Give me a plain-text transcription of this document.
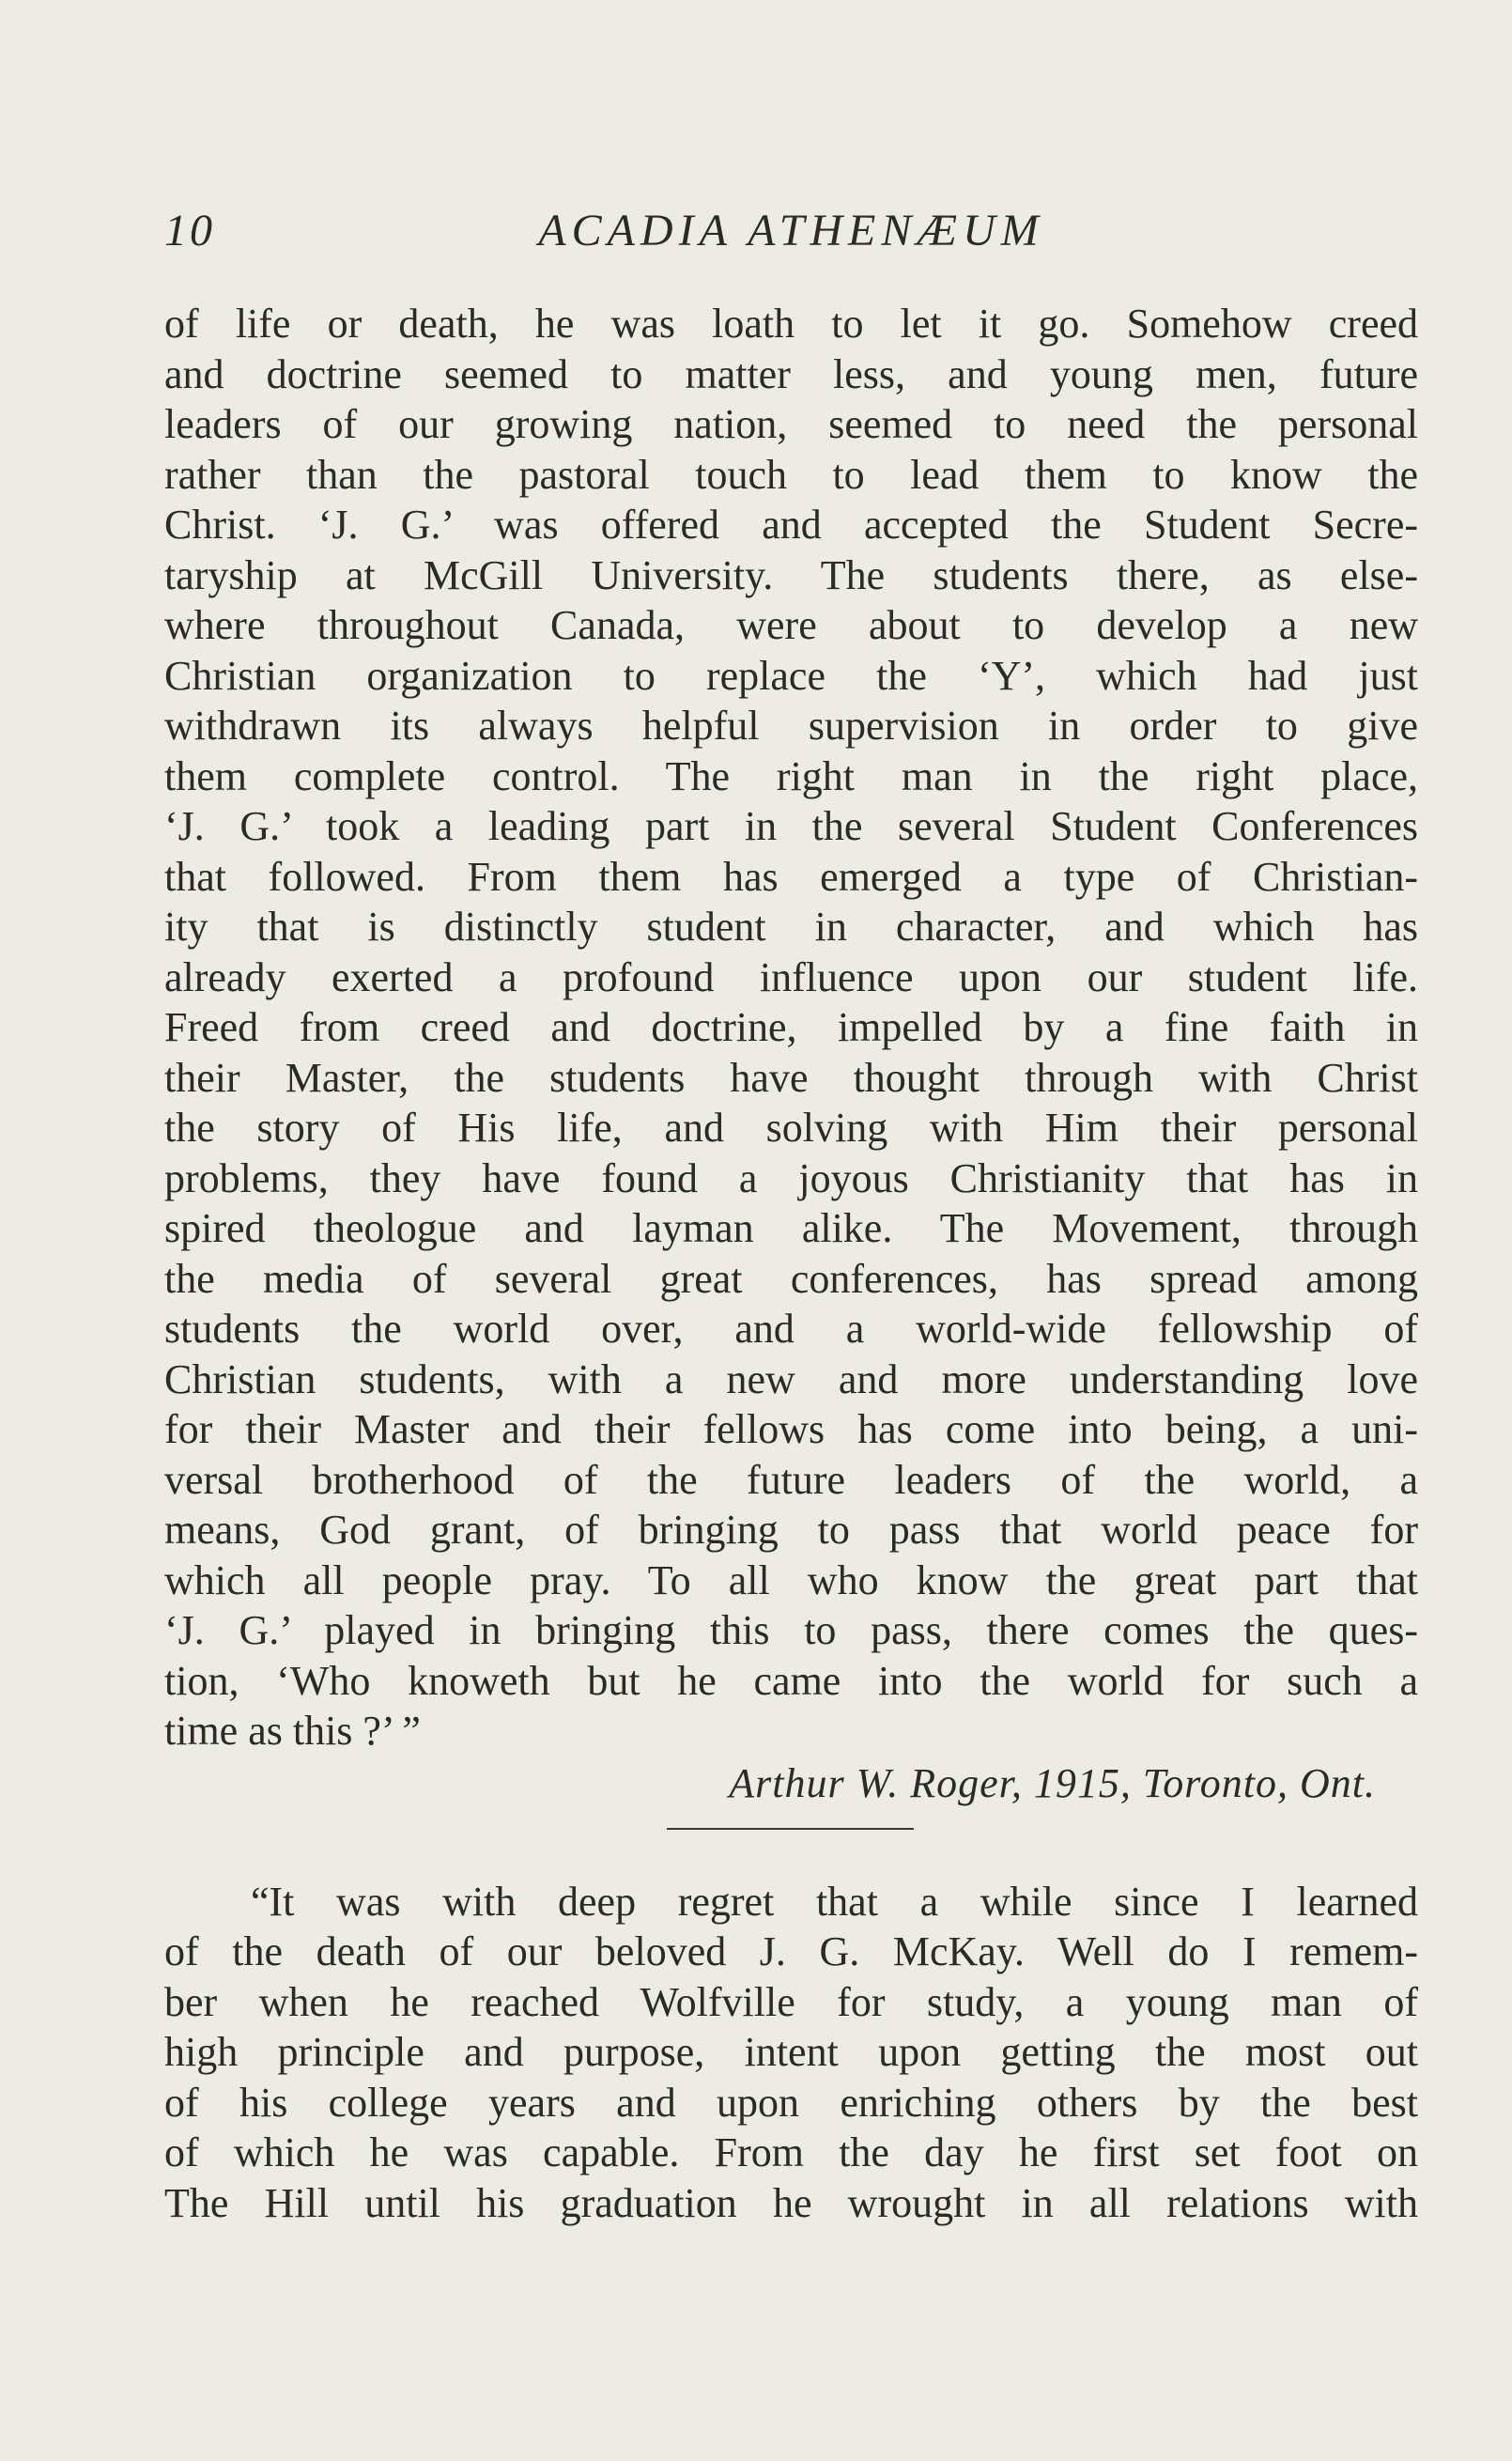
10	ACADIA ATHENÆUM
of life or death, he was loath to let it go. Somehow creed
and doctrine seemed to matter less, and young men, future
leaders of our growing nation, seemed to need the personal
rather than the pastoral touch to lead them to know the
Christ. ‘J. G.’ was offered and accepted the Student Secre-
taryship at McGill University. The students there, as else-
where throughout Canada, were about to develop a new
Christian organization to replace the ‘Y’, which had just
withdrawn its always helpful supervision in order to give
them complete control. The right man in the right place,
‘J. G.’ took a leading part in the several Student Conferences
that followed. From them has emerged a type of Christian-
ity that is distinctly student in character, and which has
already exerted a profound influence upon our student life.
Freed from creed and doctrine, impelled by a fine faith in
their Master, the students have thought through with Christ
the story of His life, and solving with Him their personal
problems, they have found a joyous Christianity that has in
spired theologue and layman alike. The Movement, through
the media of several great conferences, has spread among
students the world over, and a world-wide fellowship of
Christian students, with a new and more understanding love
for their Master and their fellows has come into being, a uni-
versal brotherhood of the future leaders of the world, a
means, God grant, of bringing to pass that world peace for
which all people pray. To all who know the great part that
‘J. G.’ played in bringing this to pass, there comes the ques-
tion, ‘Who knoweth but he came into the world for such a
time as this ?’ ”
Arthur W. Roger, 1915, Toronto, Ont.
“It was with deep regret that a while since I learned
of the death of our beloved J. G. McKay. Well do I remem-
ber when he reached Wolfville for study, a young man of
high principle and purpose, intent upon getting the most out
of his college years and upon enriching others by the best
of which he was capable. From the day he first set foot on
The Hill until his graduation he wrought in all relations with
